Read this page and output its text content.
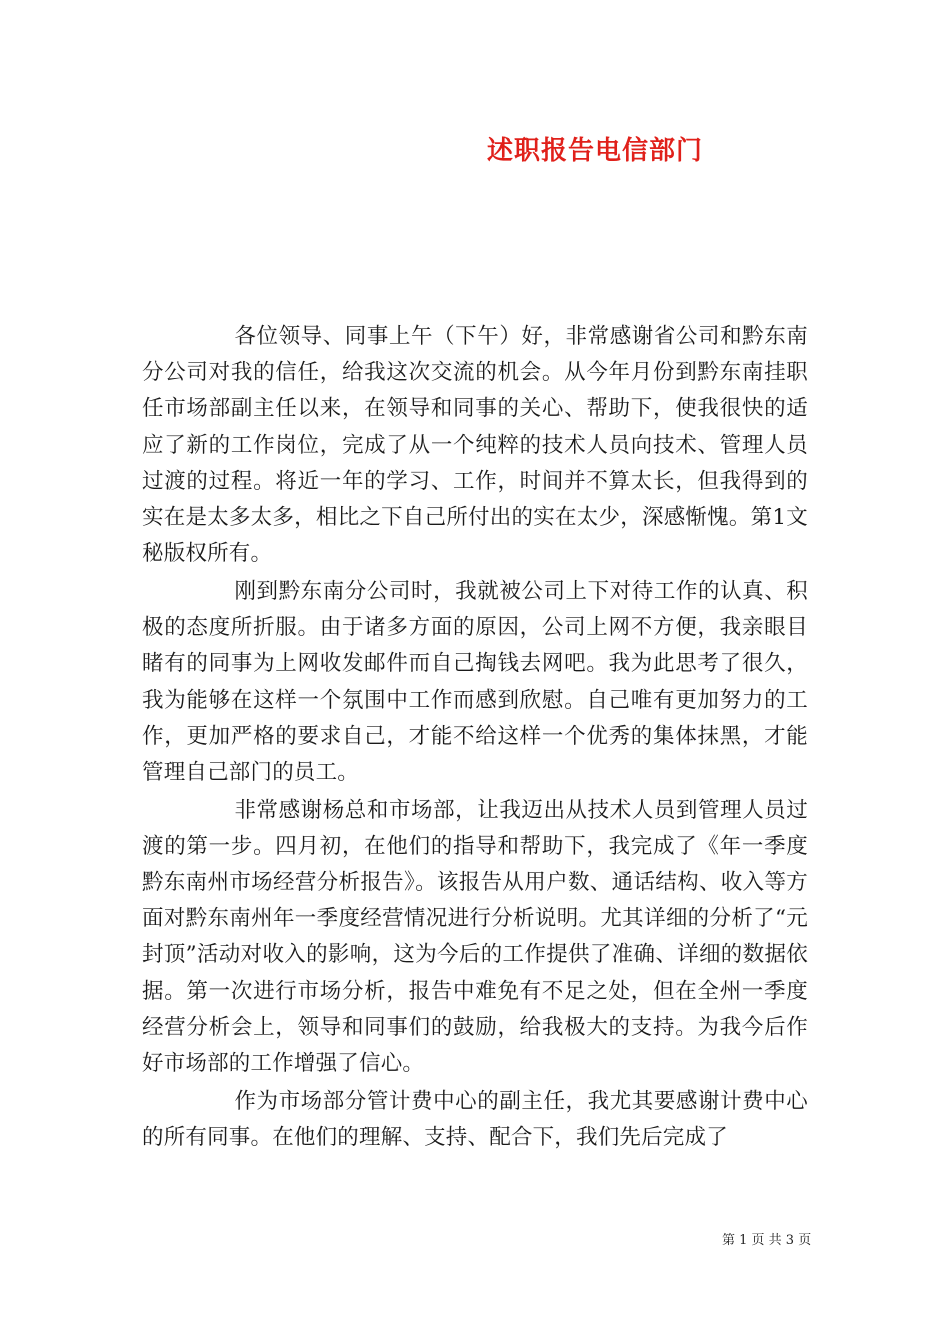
述职报告电信部门

各位领导、同事上午（下午）好，非常感谢省公司和黔东南分公司对我的信任，给我这次交流的机会。从今年月份到黔东南挂职任市场部副主任以来，在领导和同事的关心、帮助下，使我很快的适应了新的工作岗位，完成了从一个纯粹的技术人员向技术、管理人员过渡的过程。将近一年的学习、工作，时间并不算太长，但我得到的实在是太多太多，相比之下自己所付出的实在太少，深感惭愧。第1文秘版权所有。

刚到黔东南分公司时，我就被公司上下对待工作的认真、积极的态度所折服。由于诸多方面的原因，公司上网不方便，我亲眼目睹有的同事为上网收发邮件而自己掏钱去网吧。我为此思考了很久，我为能够在这样一个氛围中工作而感到欣慰。自己唯有更加努力的工作，更加严格的要求自己，才能不给这样一个优秀的集体抹黑，才能管理自己部门的员工。

非常感谢杨总和市场部，让我迈出从技术人员到管理人员过渡的第一步。四月初，在他们的指导和帮助下，我完成了《年一季度黔东南州市场经营分析报告》。该报告从用户数、通话结构、收入等方面对黔东南州年一季度经营情况进行分析说明。尤其详细的分析了“元封顶”活动对收入的影响，这为今后的工作提供了准确、详细的数据依据。第一次进行市场分析，报告中难免有不足之处，但在全州一季度经营分析会上，领导和同事们的鼓励，给我极大的支持。为我今后作好市场部的工作增强了信心。

作为市场部分管计费中心的副主任，我尤其要感谢计费中心的所有同事。在他们的理解、支持、配合下，我们先后完成了

第 1 页 共 3 页
